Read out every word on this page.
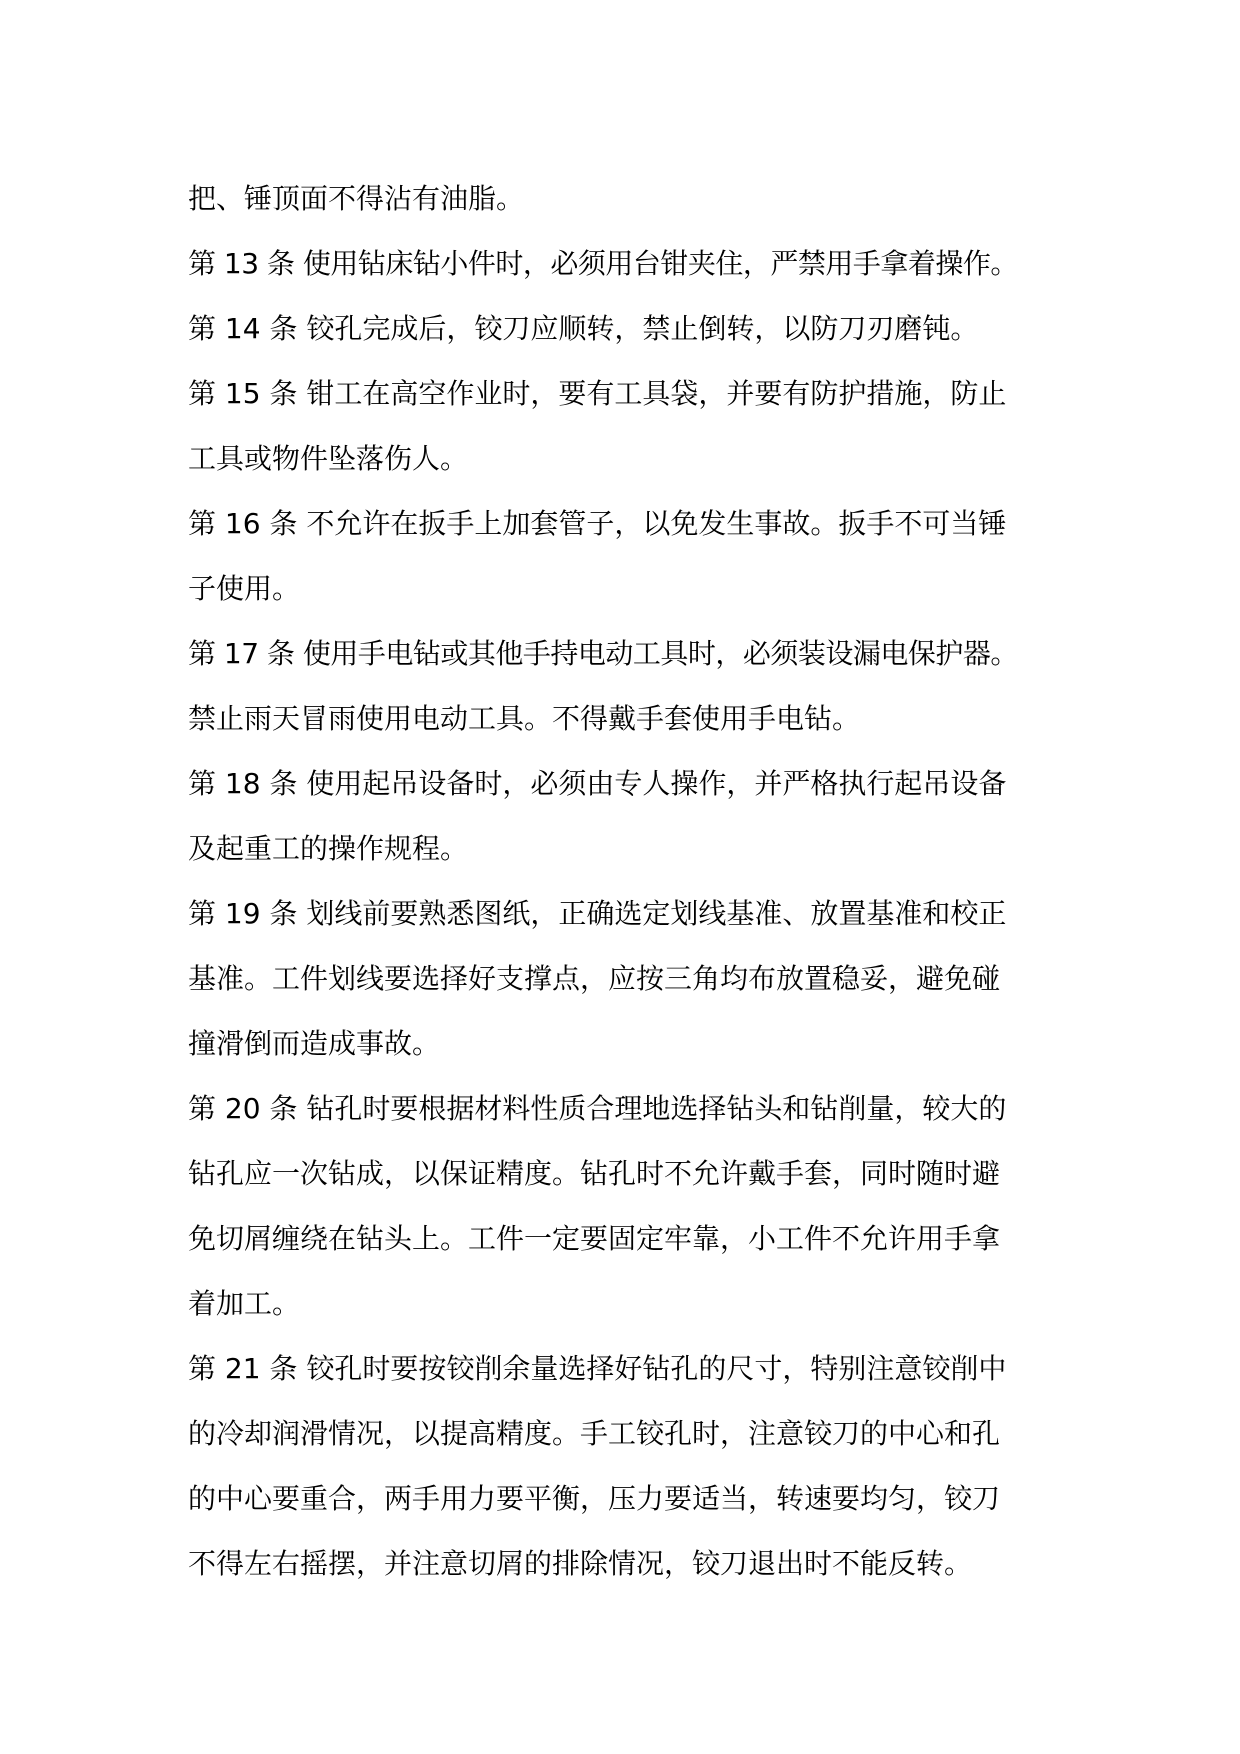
把、锤顶面不得沾有油脂。
第 13 条 使用钻床钻小件时，必须用台钳夹住，严禁用手拿着操作。
第 14 条 铰孔完成后，铰刀应顺转，禁止倒转，以防刀刃磨钝。
第 15 条 钳工在高空作业时，要有工具袋，并要有防护措施，防止
工具或物件坠落伤人。
第 16 条 不允许在扳手上加套管子，以免发生事故。扳手不可当锤
子使用。
第 17 条 使用手电钻或其他手持电动工具时，必须装设漏电保护器。
禁止雨天冒雨使用电动工具。不得戴手套使用手电钻。
第 18 条 使用起吊设备时，必须由专人操作，并严格执行起吊设备
及起重工的操作规程。
第 19 条 划线前要熟悉图纸，正确选定划线基准、放置基准和校正
基准。工件划线要选择好支撑点，应按三角均布放置稳妥，避免碰
撞滑倒而造成事故。
第 20 条 钻孔时要根据材料性质合理地选择钻头和钻削量，较大的
钻孔应一次钻成，以保证精度。钻孔时不允许戴手套，同时随时避
免切屑缠绕在钻头上。工件一定要固定牢靠，小工件不允许用手拿
着加工。
第 21 条 铰孔时要按铰削余量选择好钻孔的尺寸，特别注意铰削中
的冷却润滑情况，以提高精度。手工铰孔时，注意铰刀的中心和孔
的中心要重合，两手用力要平衡，压力要适当，转速要均匀，铰刀
不得左右摇摆，并注意切屑的排除情况，铰刀退出时不能反转。
